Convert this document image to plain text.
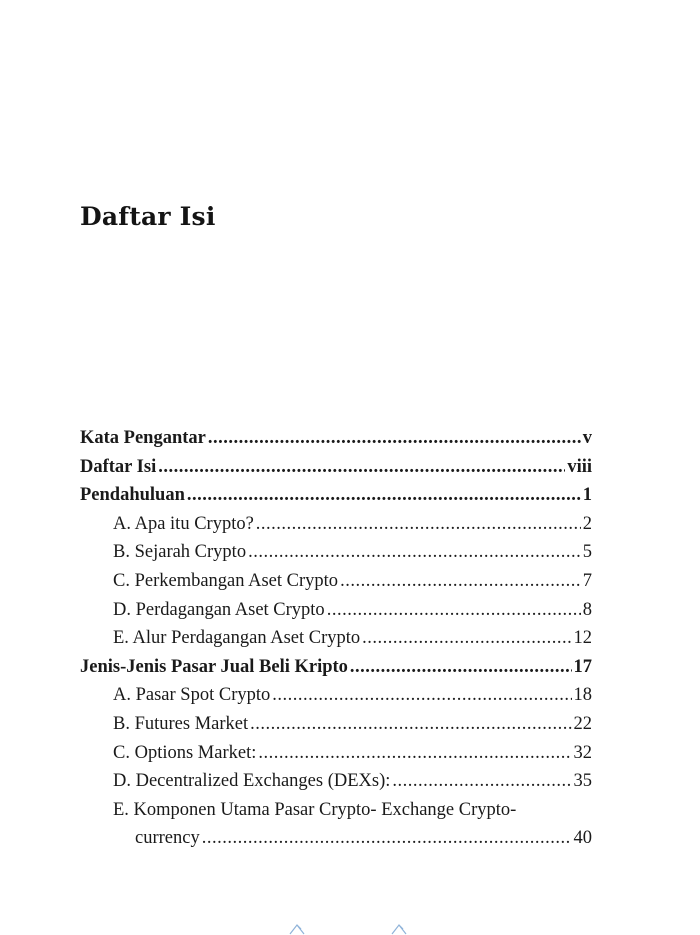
Daftar Isi
Kata Pengantar .....	v
Daftar Isi .....	viii
Pendahuluan .....	1
A. Apa itu Crypto? .....	2
B. Sejarah Crypto .....	5
C. Perkembangan Aset Crypto .....	7
D. Perdagangan Aset Crypto .....	8
E. Alur Perdagangan Aset Crypto .....	12
Jenis-Jenis Pasar Jual Beli Kripto .....	17
A. Pasar Spot Crypto .....	18
B. Futures Market .....	22
C. Options Market: .....	32
D. Decentralized Exchanges (DEXs): .....	35
E. Komponen Utama Pasar Crypto- Exchange Crypto-
currency .....	40
